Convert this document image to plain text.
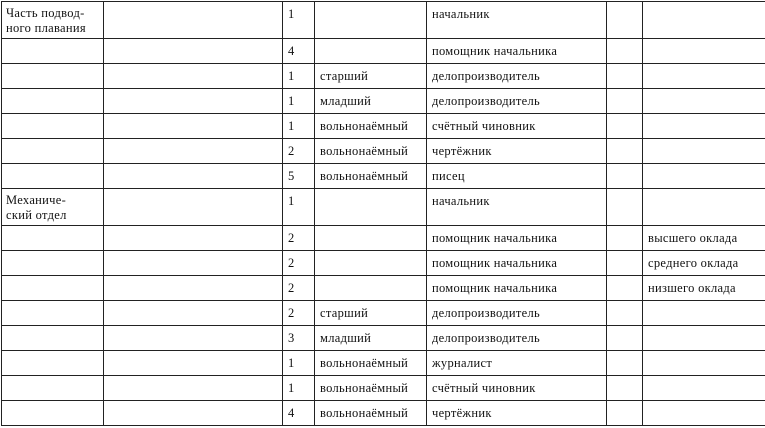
Часть подвод-
ного плавания		1		начальник		
		4		помощник начальника		
		1	старший	делопроизводитель		
		1	младший	делопроизводитель		
		1	вольнонаёмный	счётный чиновник		
		2	вольнонаёмный	чертёжник		
		5	вольнонаёмный	писец		
Механиче-
ский отдел		1		начальник		
		2		помощник начальника		высшего оклада
		2		помощник начальника		среднего оклада
		2		помощник начальника		низшего оклада
		2	старший	делопроизводитель		
		3	младший	делопроизводитель		
		1	вольнонаёмный	журналист		
		1	вольнонаёмный	счётный чиновник		
		4	вольнонаёмный	чертёжник		
